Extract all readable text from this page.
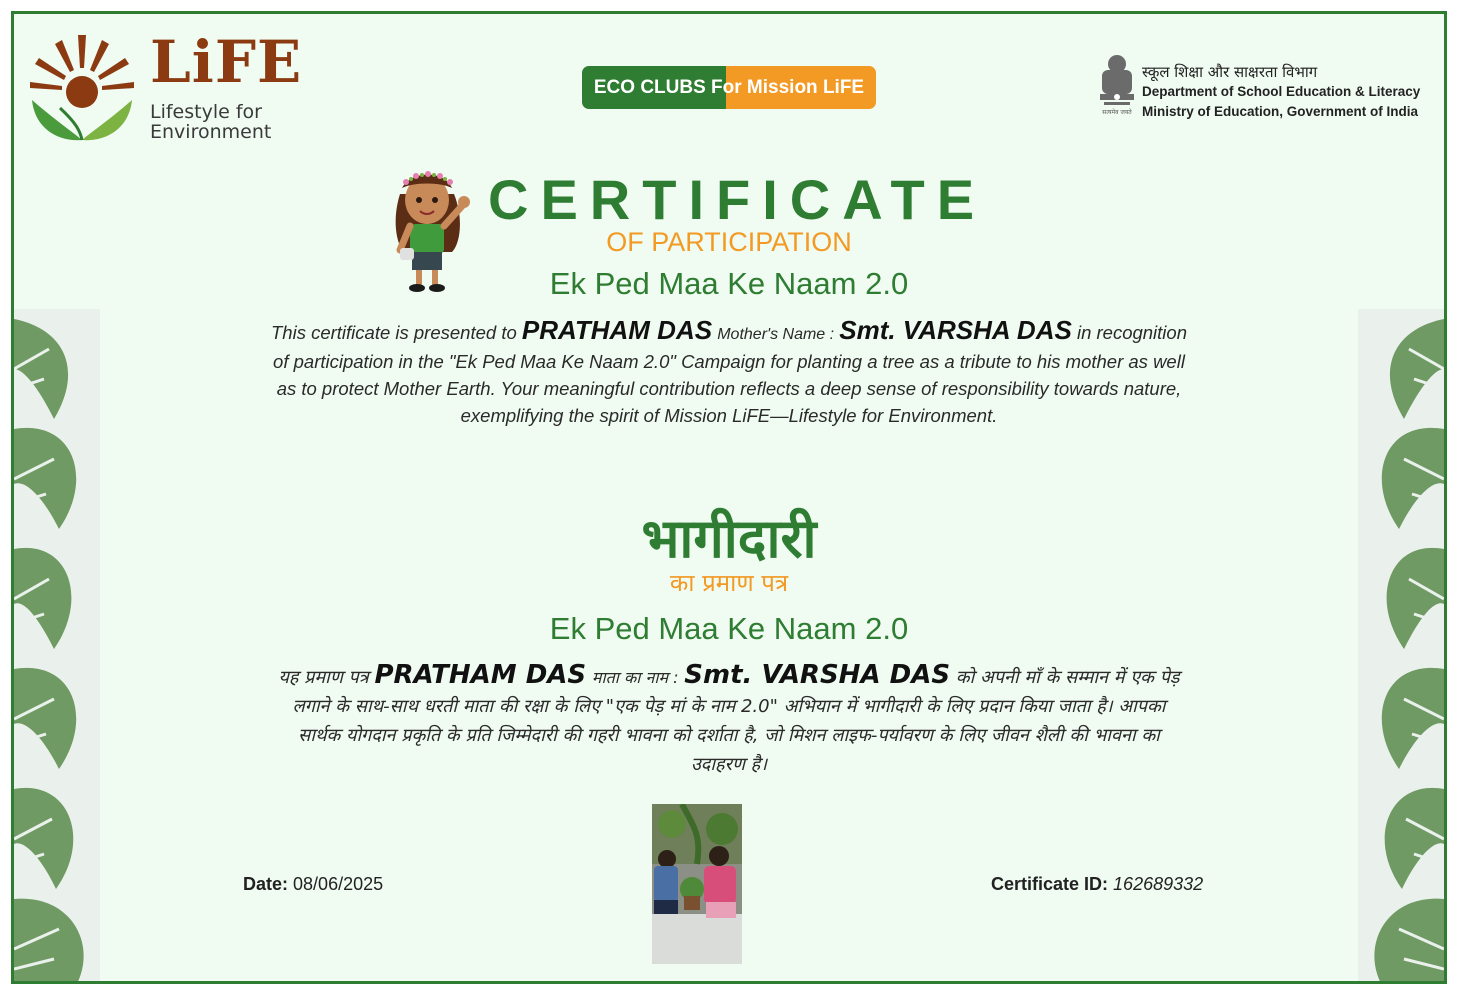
LiFE
Lifestyle for
Environment
ECO CLUBS For Mission LiFE
सत्यमेव जयते
स्कूल शिक्षा और साक्षरता विभाग
Department of School Education & Literacy
Ministry of Education, Government of India
CERTIFICATE
OF PARTICIPATION
Ek Ped Maa Ke Naam 2.0
This certificate is presented to PRATHAM DAS Mother's Name : Smt. VARSHA DAS in recognition of participation in the "Ek Ped Maa Ke Naam 2.0" Campaign for planting a tree as a tribute to his mother as well as to protect Mother Earth. Your meaningful contribution reflects a deep sense of responsibility towards nature, exemplifying the spirit of Mission LiFE—Lifestyle for Environment.
भागीदारी
का प्रमाण पत्र
Ek Ped Maa Ke Naam 2.0
यह प्रमाण पत्र PRATHAM DAS माता का नाम : Smt. VARSHA DAS को अपनी माँ के सम्मान में एक पेड़ लगाने के साथ-साथ धरती माता की रक्षा के लिए "एक पेड़ मां के नाम 2.0" अभियान में भागीदारी के लिए प्रदान किया जाता है। आपका सार्थक योगदान प्रकृति के प्रति जिम्मेदारी की गहरी भावना को दर्शाता है, जो मिशन लाइफ-पर्यावरण के लिए जीवन शैली की भावना का उदाहरण है।
Date: 08/06/2025	Certificate ID: 162689332
